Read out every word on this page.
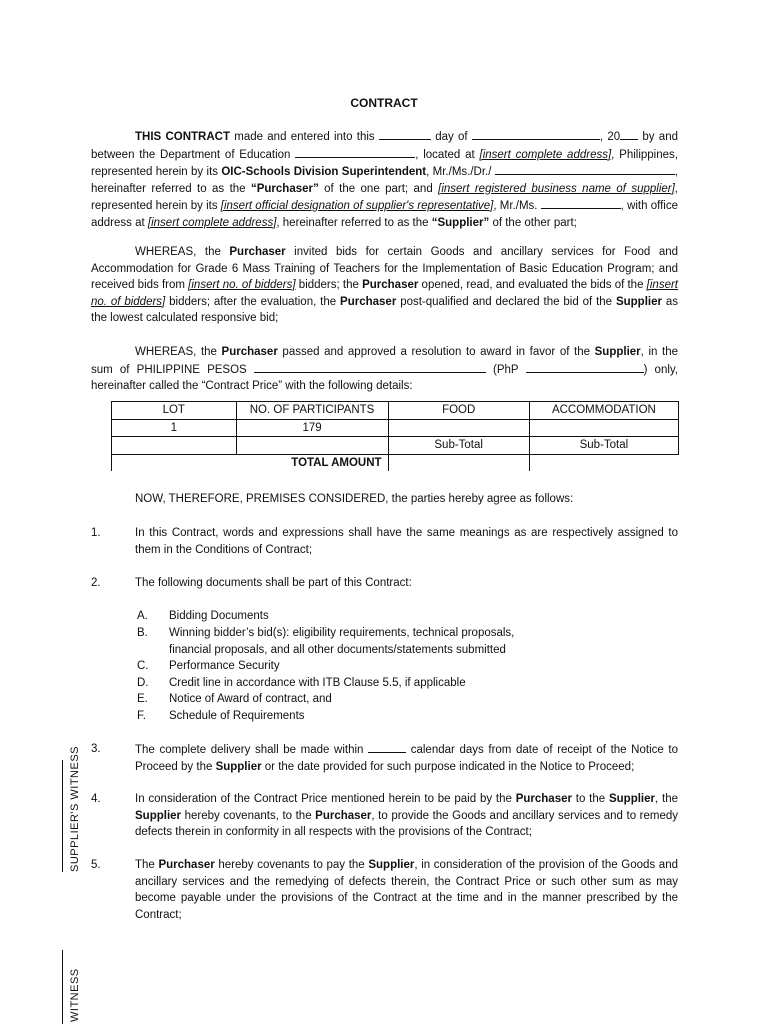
CONTRACT
THIS CONTRACT made and entered into this	day of	, 20 by and between the Department of Education	, located at [insert complete address], Philippines, represented herein by its OIC-Schools Division Superintendent, Mr./Ms./Dr./	, hereinafter referred to as the “Purchaser” of the one part; and [insert registered business name of supplier], represented herein by its [insert official designation of supplier's representative], Mr./Ms.	, with office address at [insert complete address], hereinafter referred to as the “Supplier” of the other part;
WHEREAS, the Purchaser invited bids for certain Goods and ancillary services for Food and Accommodation for Grade 6 Mass Training of Teachers for the Implementation of Basic Education Program; and received bids from [insert no. of bidders] bidders; the Purchaser opened, read, and evaluated the bids of the [insert no. of bidders] bidders; after the evaluation, the Purchaser post-qualified and declared the bid of the Supplier as the lowest calculated responsive bid;
WHEREAS, the Purchaser passed and approved a resolution to award in favor of the Supplier, in the sum of PHILIPPINE PESOS	(PhP	) only, hereinafter called the “Contract Price” with the following details:
LOT	NO. OF PARTICIPANTS	FOOD	ACCOMMODATION
1	179		
		Sub-Total	Sub-Total
TOTAL AMOUNT			
NOW, THEREFORE, PREMISES CONSIDERED, the parties hereby agree as follows:
1.	In this Contract, words and expressions shall have the same meanings as are respectively assigned to them in the Conditions of Contract;
2.	The following documents shall be part of this Contract:
A. Bidding Documents
B. Winning bidder’s bid(s): eligibility requirements, technical proposals, financial proposals, and all other documents/statements submitted
C. Performance Security
D. Credit line in accordance with ITB Clause 5.5, if applicable
E. Notice of Award of contract, and
F. Schedule of Requirements
3.	The complete delivery shall be made within	calendar days from date of receipt of the Notice to Proceed by the Supplier or the date provided for such purpose indicated in the Notice to Proceed;
4.	In consideration of the Contract Price mentioned herein to be paid by the Purchaser to the Supplier, the Supplier hereby covenants, to the Purchaser, to provide the Goods and ancillary services and to remedy defects therein in conformity in all respects with the provisions of the Contract;
5.	The Purchaser hereby covenants to pay the Supplier, in consideration of the provision of the Goods and ancillary services and the remedying of defects therein, the Contract Price or such other sum as may become payable under the provisions of the Contract at the time and in the manner prescribed by the Contract;
SUPPLIER'S WITNESS
WITNESS
